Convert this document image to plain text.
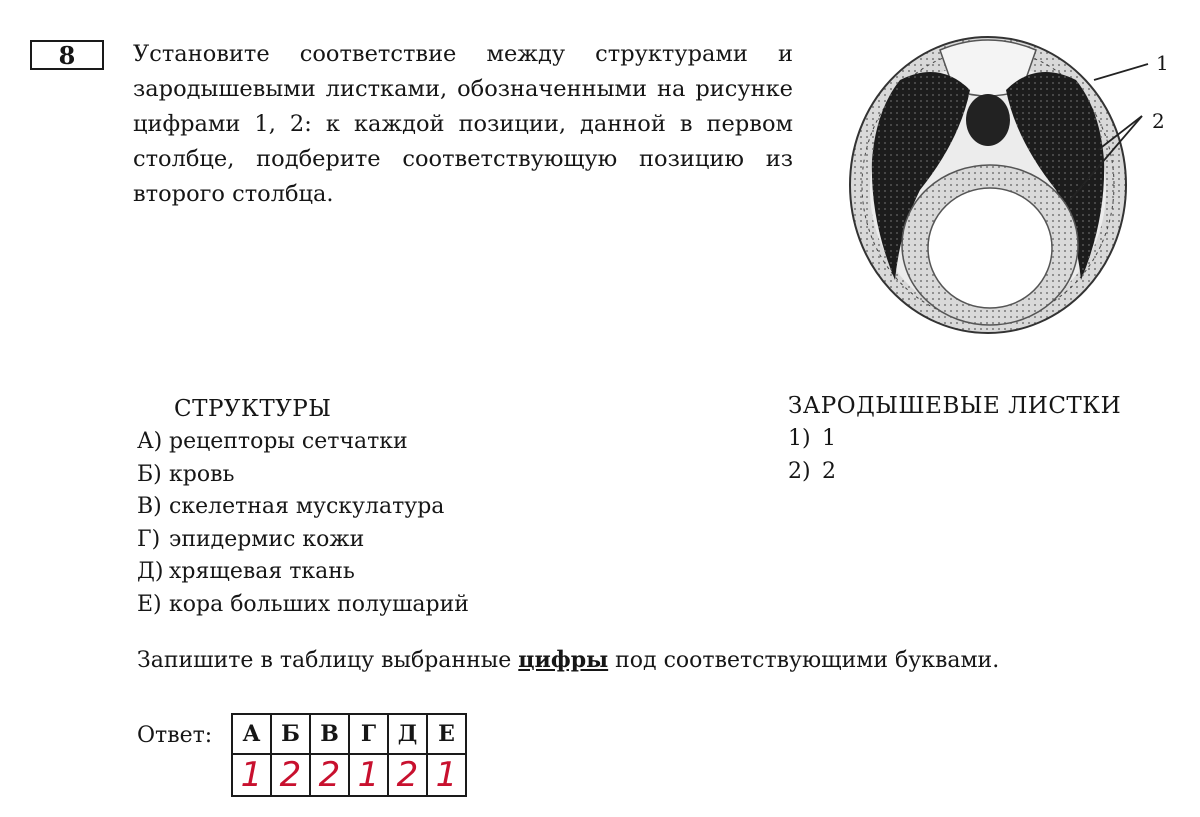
8	Установите соответствие между структурами и зародышевыми листками, обозначенными на рисунке цифрами 1, 2: к каждой позиции, данной в первом столбце, подберите соответствующую позицию из второго столбца.
1
2
СТРУКТУРЫ
А) рецепторы сетчатки
Б) кровь
В) скелетная мускулатура
Г) эпидермис кожи
Д) хрящевая ткань
Е) кора больших полушарий
ЗАРОДЫШЕВЫЕ ЛИСТКИ
1) 1
2) 2
Запишите в таблицу выбранные цифры под соответствующими буквами.
Ответ: А	Б	В	Г	Д	Е
1	2	2	1	2	1
